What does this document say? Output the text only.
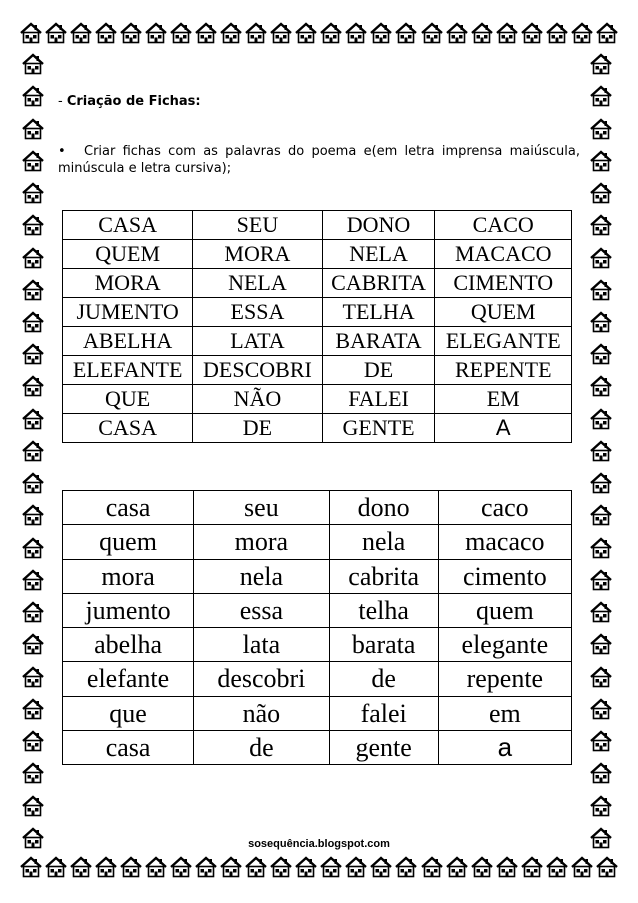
- Criação de Fichas:
• Criar fichas com as palavras do poema e(em letra imprensa maiúscula, minúscula e letra cursiva);
CASA	SEU	DONO	CACO
QUEM	MORA	NELA	MACACO
MORA	NELA	CABRITA	CIMENTO
JUMENTO	ESSA	TELHA	QUEM
ABELHA	LATA	BARATA	ELEGANTE
ELEFANTE	DESCOBRI	DE	REPENTE
QUE	NÃO	FALEI	EM
CASA	DE	GENTE	A
casa	seu	dono	caco
quem	mora	nela	macaco
mora	nela	cabrita	cimento
jumento	essa	telha	quem
abelha	lata	barata	elegante
elefante	descobri	de	repente
que	não	falei	em
casa	de	gente	a
sosequência.blogspot.com
